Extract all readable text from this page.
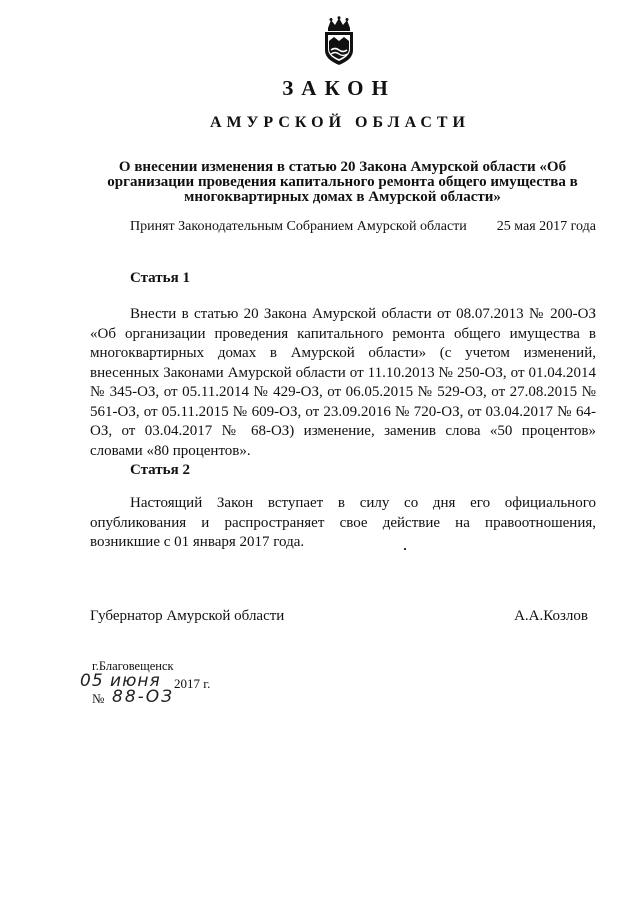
ЗАКОН
АМУРСКОЙ ОБЛАСТИ
О внесении изменения в статью 20 Закона Амурской области «Об организации проведения капитального ремонта общего имущества в многоквартирных домах в Амурской области»
Принят Законодательным Собранием Амурской области 25 мая 2017 года
Статья 1

Внести в статью 20 Закона Амурской области от 08.07.2013 № 200-ОЗ «Об организации проведения капитального ремонта общего имущества в многоквартирных домах в Амурской области» (с учетом изменений, внесенных Законами Амурской области от 11.10.2013 № 250-ОЗ, от 01.04.2014 № 345-ОЗ, от 05.11.2014 № 429-ОЗ, от 06.05.2015 № 529-ОЗ, от 27.08.2015 № 561-ОЗ, от 05.11.2015 № 609-ОЗ, от 23.09.2016 № 720-ОЗ, от 03.04.2017 № 64-ОЗ, от 03.04.2017 № 68-ОЗ) изменение, заменив слова «50 процентов» словами «80 процентов».

Статья 2

Настоящий Закон вступает в силу со дня его официального опубликования и распространяет свое действие на правоотношения, возникшие с 01 января 2017 года.

Губернатор Амурской области	А.А.Козлов
г.Благовещенск
05 июня 2017 г.
№ 88-ОЗ
